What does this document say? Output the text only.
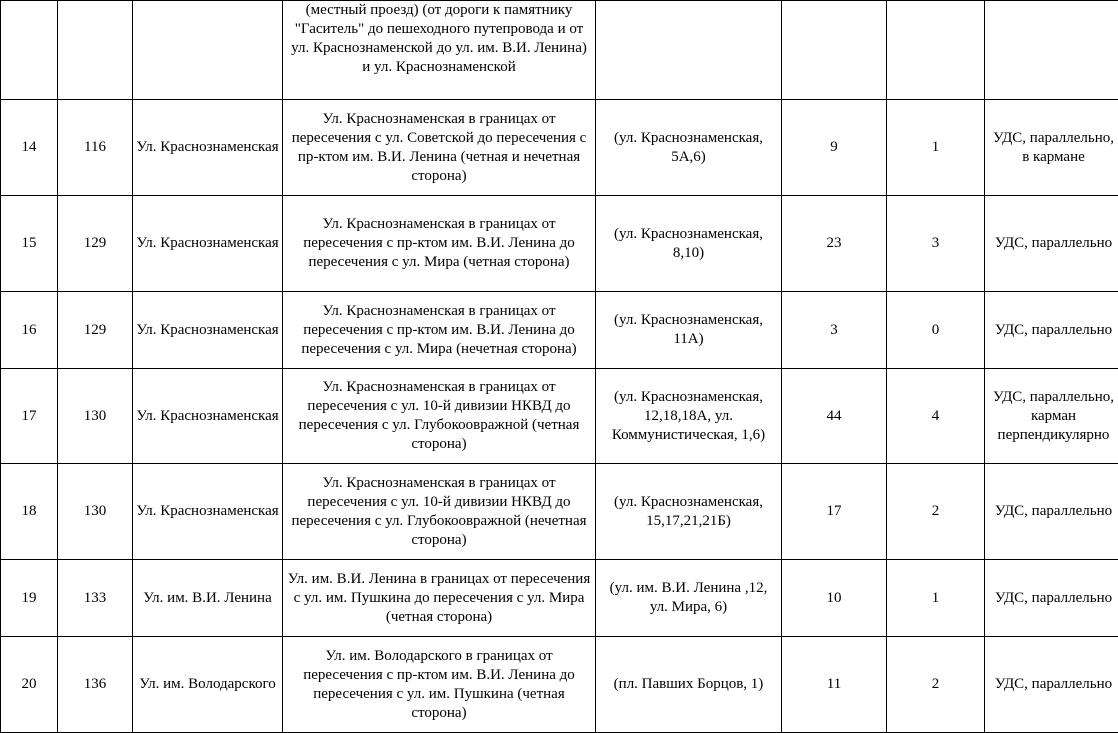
			(местный проезд) (от дороги к памятнику "Гаситель" до пешеходного путепровода и от ул. Краснознаменской до ул. им. В.И. Ленина) и ул. Краснознаменской				
14	116	Ул. Краснознаменская	Ул. Краснознаменская в границах от пересечения с ул. Советской до пересечения с пр-ктом им. В.И. Ленина (четная и нечетная сторона)	(ул. Краснознаменская, 5А,6)	9	1	УДС, параллельно, в кармане
15	129	Ул. Краснознаменская	Ул. Краснознаменская в границах от пересечения с пр-ктом им. В.И. Ленина до пересечения с ул. Мира (четная сторона)	(ул. Краснознаменская, 8,10)	23	3	УДС, параллельно
16	129	Ул. Краснознаменская	Ул. Краснознаменская в границах от пересечения с пр-ктом им. В.И. Ленина до пересечения с ул. Мира (нечетная сторона)	(ул. Краснознаменская, 11А)	3	0	УДС, параллельно
17	130	Ул. Краснознаменская	Ул. Краснознаменская в границах от пересечения с ул. 10-й дивизии НКВД до пересечения с ул. Глубокоовражной (четная сторона)	(ул. Краснознаменская, 12,18,18А, ул. Коммунистическая, 1,6)	44	4	УДС, параллельно, карман перпендикулярно
18	130	Ул. Краснознаменская	Ул. Краснознаменская в границах от пересечения с ул. 10-й дивизии НКВД до пересечения с ул. Глубокоовражной (нечетная сторона)	(ул. Краснознаменская, 15,17,21,21Б)	17	2	УДС, параллельно
19	133	Ул. им. В.И. Ленина	Ул. им. В.И. Ленина в границах от пересечения с ул. им. Пушкина до пересечения с ул. Мира (четная сторона)	(ул. им. В.И. Ленина ,12, ул. Мира, 6)	10	1	УДС, параллельно
20	136	Ул. им. Володарского	Ул. им. Володарского в границах от пересечения с пр-ктом им. В.И. Ленина до пересечения с ул. им. Пушкина (четная сторона)	(пл. Павших Борцов, 1)	11	2	УДС, параллельно
